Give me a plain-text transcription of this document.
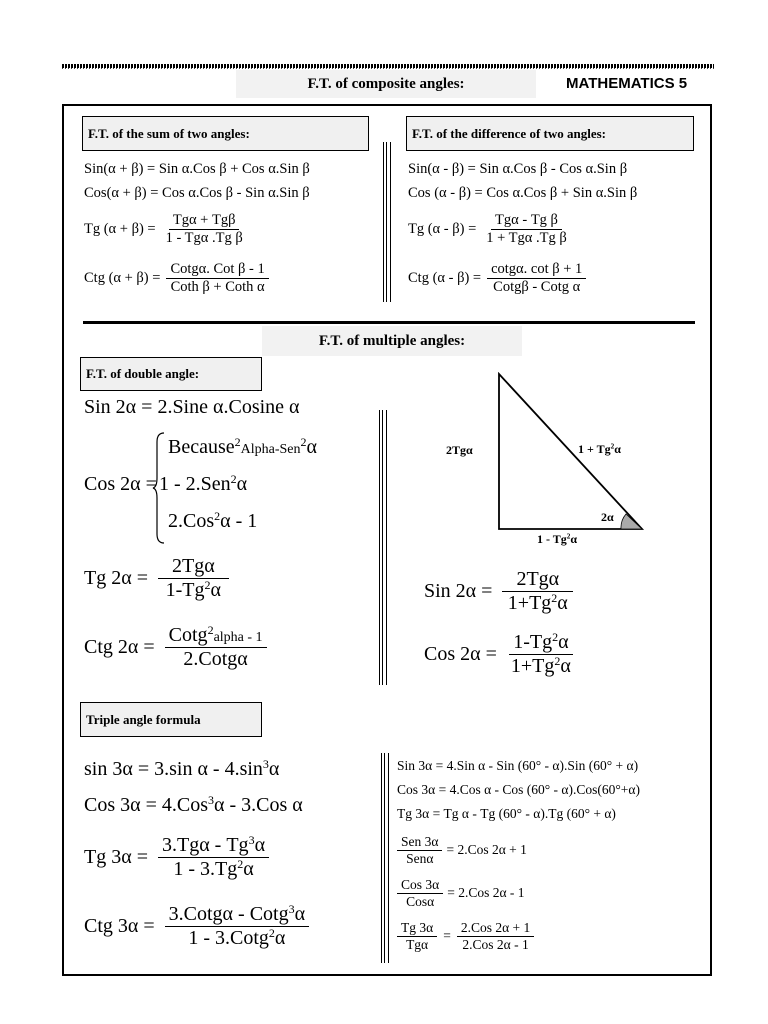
F.T. of composite angles:	MATHEMATICS 5
F.T. of the sum of two angles:
Sin(α + β) = Sin α.Cos β + Cos α.Sin β
Cos(α + β) = Cos α.Cos β - Sin α.Sin β
Tg $(\alpha + \beta) = \frac{\text{Tgα + Tgβ}}{\text{1 - Tgα .Tg β}}$
Ctg $(\alpha + \beta) = \frac{\text{Cotgα. Cot β - 1}}{\text{Coth β + Coth α}}$
F.T. of the difference of two angles:
Sin(α - β) = Sin α.Cos β - Cos α.Sin β
Cos (α - β) = Cos α.Cos β + Sin α.Sin β
Tg $(\alpha - \beta) = \frac{\text{Tgα - Tg β}}{\text{1 + Tgα .Tg β}}$
Ctg $(\alpha - \beta) = \frac{\text{cotgα. cot β + 1}}{\text{Cotgβ - Cotg α}}$
F.T. of multiple angles:
F.T. of double angle:
Sin 2α = 2.Sine α.Cosine α
Cos 2α =
Because$^2$Alpha-Sen$^2$α
1 - 2.Sen$^2$α
2.Cos$^2$α - 1
Tg $2\alpha = \frac{\text{2Tgα}}{1-Tg^2\alpha}$
Ctg $2\alpha = \frac{Cotg^2alpha - 1}{\text{2.Cotgα}}$
2Tgα	$1 + Tg^2\alpha$
2α
1 - Tg$^2$α
Sin $2\alpha = \frac{\text{2Tgα}}{1+Tg^2\alpha}$
Cos $2\alpha = \frac{1-Tg^2\alpha}{1+Tg^2\alpha}$
Triple angle formula
sin 3α = 3.sin α - $4.\sin^3\alpha$
Cos 3α = 4.Cos$^3$α - 3.Cos α
Tg $3\alpha = \frac{3.Tg\alpha - Tg^3\alpha}{1 - 3.Tg^2\alpha}$
Ctg $3\alpha = \frac{3.Cotg\alpha - Cotg^3\alpha}{1 - 3.Cotg^2\alpha}$
Sin 3α = 4.Sin α - Sin (60° - α).Sin (60° + α)
Cos 3α = 4.Cos α - Cos (60° - α).Cos(60°+α)
Tg 3α = Tg α - Tg (60° - α).Tg (60° + α)
$\frac{\text{Sen 3α}}{\text{Senα}} = 2.Cos$ 2α + 1
$\frac{\text{Cos 3α}}{\text{Cosα}} = 2.Cos$ 2α - 1
$\frac{Tg 3\alpha}{\text{Tgα}} = \frac{\text{2.Cos 2α + 1}}{\text{2.Cos 2α - 1}}$
